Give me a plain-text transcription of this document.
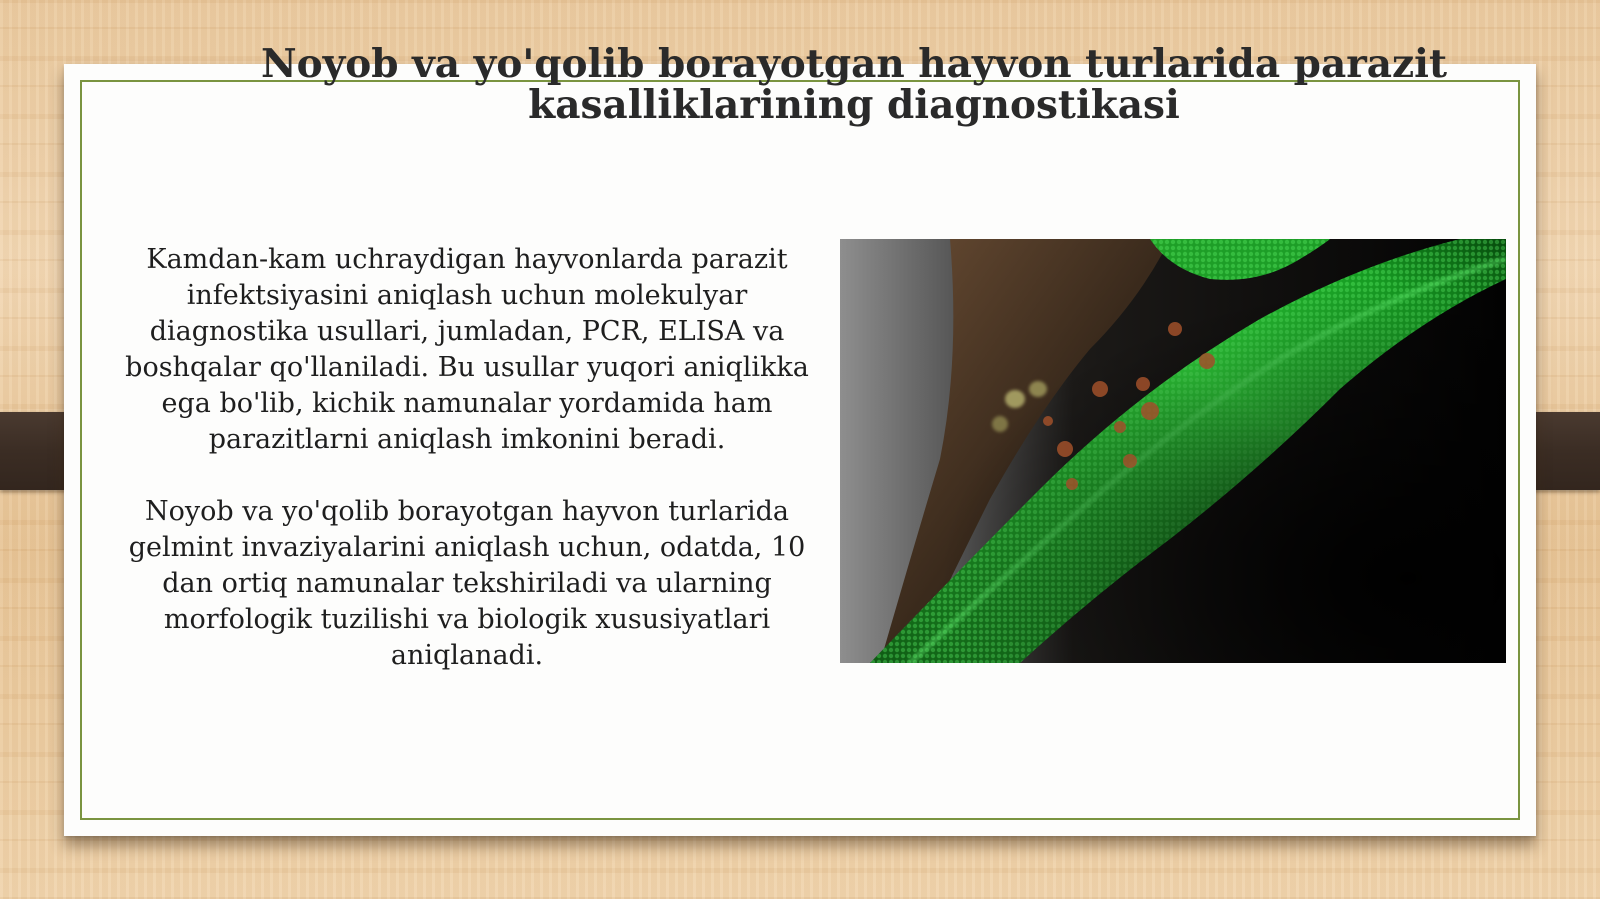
Noyob va yo'qolib borayotgan hayvon turlarida parazit
kasalliklarining diagnostikasi

Kamdan-kam uchraydigan hayvonlarda parazit infektsiyasini aniqlash uchun molekulyar diagnostika usullari, jumladan, PCR, ELISA va boshqalar qo'llaniladi. Bu usullar yuqori aniqlikka ega bo'lib, kichik namunalar yordamida ham parazitlarni aniqlash imkonini beradi.

Noyob va yo'qolib borayotgan hayvon turlarida gelmint invaziyalarini aniqlash uchun, odatda, 10 dan ortiq namunalar tekshiriladi va ularning morfologik tuzilishi va biologik xususiyatlari aniqlanadi.
